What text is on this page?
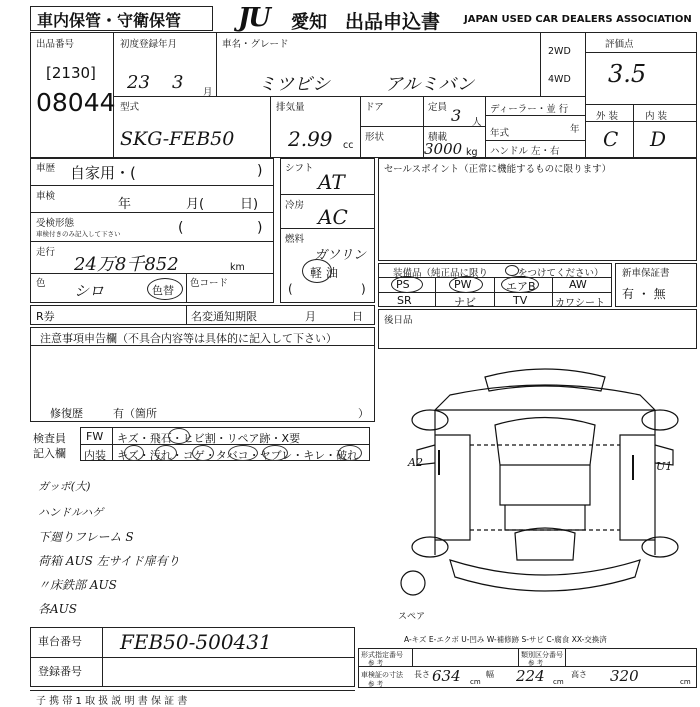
車内保管・守衛保管 JU 愛知 出品申込書 JAPAN USED CAR DEALERS ASSOCIATION
出品番号
[2130]
08044
初度登録年月
23 3 月
車名・グレード
ミツビシ	アルミバン
2WD
4WD
評価点
3.5
型式
SKG-FEB50
排気量
2.99 cc
ドア	定員 3 人
形状	積載
3000 kg
ディーラー・並 行
年式	年
ハンドル 左・右
外 装	内 装
C D
車歴 自家用・(	)
車検
年	月(	日)
受検形態
車検付きのみ記入して下さい	(	)
走行
24万8千852	km
色 シロ	色替
色コード
シフト
AT
冷房 AC
燃料
ガソリン
軽 油
(	)
セールスポイント（正常に機能するものに限ります）
装備品（純正品に限り	をつけてください）
PS	PW	エアB	AW
SR	ナビ	TV	カワシート
新車保証書
有 ・ 無
R券	名変通知期限	月	日 後日品
注意事項申告欄（不具合内容等は具体的に記入して下さい）
修復歴	有（箇所	）
検査員
記入欄
FW キズ・飛石・ヒビ割・リペア跡・X要
内装 キズ・汚れ・コゲ・タバコ・ヤブレ・キレ・破れ
ガッポ(大)
ハンドルハゲ
下廻りフレーム S
荷箱 AUS 左サイド扉有り
〃床鉄部 AUS
各AUS
A2	U1
スペア
A-キズ E-エクボ U-凹み W-補修跡 S-サビ C-腐食 XX-交換済
車台番号 FEB50-500431
登録番号
形式指定番号
参 考
類別区分番号
参 考
車検証の寸法
参 考
長さ 634 cm
幅 224 cm
高さ 320	cm
子 携 帯 1 取 扱 説 明 書 保 証 書
